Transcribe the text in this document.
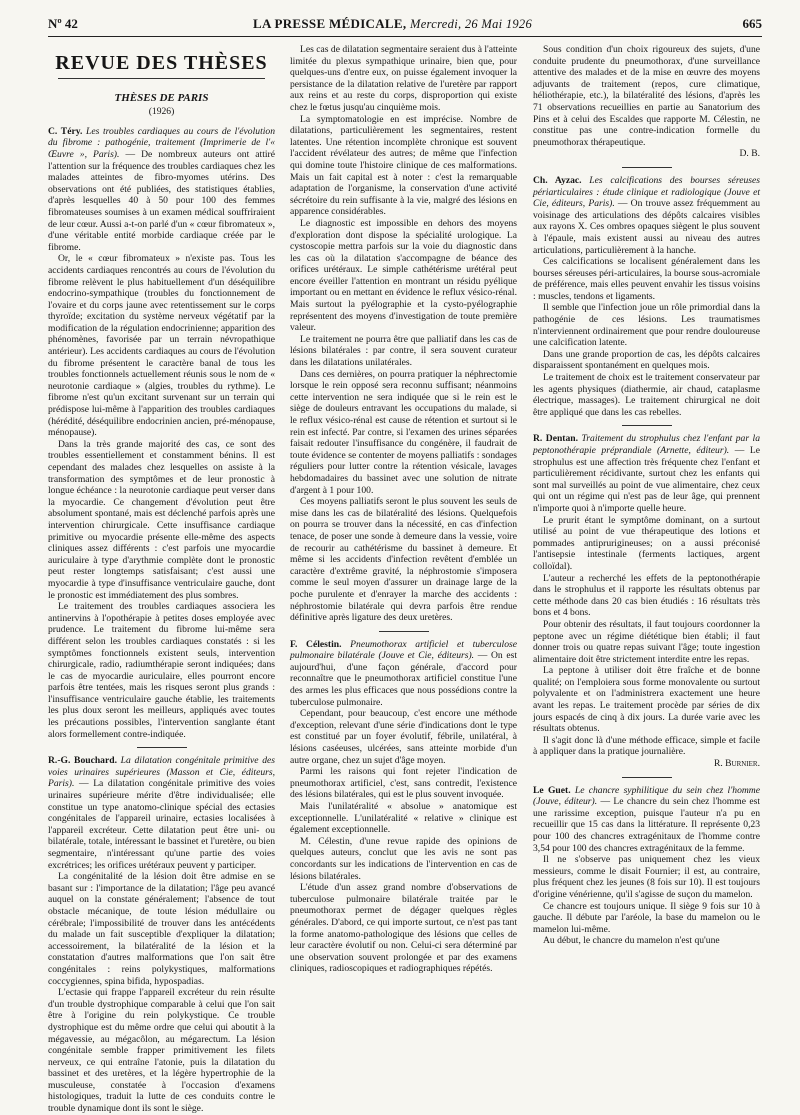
Nº 42	LA PRESSE MÉDICALE, Mercredi, 26 Mai 1926	665
REVUE DES THÈSES
THÈSES DE PARIS
(1926)

C. Téry. Les troubles cardiaques au cours de l'évolution du fibrome : pathogénie, traitement (Imprimerie de l'« Œuvre », Paris). — De nombreux auteurs ont attiré l'attention sur la fréquence des troubles cardiaques chez les malades atteintes de fibro-myomes utérins. Des observations ont été publiées, des statistiques établies, d'après lesquelles 40 à 50 pour 100 des femmes fibromateuses soumises à un examen médical souffriraient de leur cœur. Aussi a-t-on parlé d'un « cœur fibromateux », d'une véritable entité morbide cardiaque créée par le fibrome.

Or, le « cœur fibromateux » n'existe pas. Tous les accidents cardiaques rencontrés au cours de l'évolution du fibrome relèvent le plus habituellement d'un déséquilibre endocrino-sympathique (troubles du fonctionnement de l'ovaire et du corps jaune avec retentissement sur le corps thyroïde; excitation du système nerveux végétatif par la modification de la régulation endocrinienne; apparition des phénomènes, favorisée par un terrain névropathique antérieur). Les accidents cardiaques au cours de l'évolution du fibrome présentent le caractère banal de tous les troubles fonctionnels actuellement réunis sous le nom de « neurotonie cardiaque » (algies, troubles du rythme). Le fibrome n'est qu'un excitant survenant sur un terrain qui prédispose lui-même à l'apparition des troubles cardiaques (hérédité, déséquilibre endocrinien ancien, pré-ménopause, ménopause).

Dans la très grande majorité des cas, ce sont des troubles essentiellement et constamment bénins. Il est cependant des malades chez lesquelles on assiste à la transformation des symptômes et de leur pronostic à longue échéance : la neurotonie cardiaque peut verser dans la myocardie. Ce changement d'évolution peut être absolument spontané, mais est déclenché parfois après une intervention chirurgicale. Cette insuffisance cardiaque primitive ou myocardie présente elle-même des aspects cliniques assez différents : c'est parfois une myocardie auriculaire à type d'arythmie complète dont le pronostic peut rester longtemps satisfaisant; c'est aussi une myocardie à type d'insuffisance ventriculaire gauche, dont le pronostic est immédiatement des plus sombres.

Le traitement des troubles cardiaques associera les antinervins à l'opothérapie à petites doses employée avec prudence. Le traitement du fibrome lui-même sera différent selon les troubles cardiaques constatés : si les symptômes fonctionnels existent seuls, intervention chirurgicale, radio, radiumthérapie seront indiquées; dans le cas de myocardie auriculaire, elles pourront encore parfois être tentées, mais les risques seront plus grands : l'insuffisance ventriculaire gauche établie, les traitements les plus doux seront les meilleurs, appliqués avec toutes les précautions possibles, l'intervention sanglante étant alors formellement contre-indiquée.

R.-G. Bouchard. La dilatation congénitale primitive des voies urinaires supérieures (Masson et Cie, éditeurs, Paris). — La dilatation congénitale primitive des voies urinaires supérieure mérite d'être individualisée; elle constitue un type anatomo-clinique spécial des ectasies congénitales de l'appareil urinaire, ectasies localisées à l'appareil excréteur. Cette dilatation peut être uni- ou bilatérale, totale, intéressant le bassinet et l'uretère, ou bien segmentaire, n'intéressant qu'une partie des voies excrétrices; les orifices urétéraux peuvent y participer.

La congénitalité de la lésion doit être admise en se basant sur : l'importance de la dilatation; l'âge peu avancé auquel on la constate généralement; l'absence de tout obstacle mécanique, de toute lésion médullaire ou cérébrale; l'impossibilité de trouver dans les antécédents du malade un fait susceptible d'expliquer la dilatation; accessoirement, la bilatéralité de la lésion et la constatation d'autres malformations que l'on sait être congénitales : reins polykystiques, malformations coccygiennes, spina bifida, hypospadias.

L'ectasie qui frappe l'appareil excréteur du rein résulte d'un trouble dystrophique comparable à celui que l'on sait être à l'origine du rein polykystique. Ce trouble dystrophique est du même ordre que celui qui aboutit à la mégavessie, au mégacôlon, au mégarectum. La lésion congénitale semble frapper primitivement les filets nerveux, ce qui entraîne l'atonie, puis la dilatation du bassinet et des uretères, et la légère hypertrophie de la musculeuse, constatée à l'occasion d'examens histologiques, traduit la lutte de ces conduits contre le trouble dynamique dont ils sont le siège.

Les cas de dilatation segmentaire seraient dus à l'atteinte limitée du plexus sympathique urinaire, bien que, pour quelques-uns d'entre eux, on puisse également invoquer la persistance de la dilatation relative de l'uretère par rapport aux reins et au reste du corps, disproportion qui existe chez le fœtus jusqu'au cinquième mois.

La symptomatologie en est imprécise. Nombre de dilatations, particulièrement les segmentaires, restent latentes. Une rétention incomplète chronique est souvent l'accident révélateur des autres; de même que l'infection qui domine toute l'histoire clinique de ces malformations. Mais un fait capital est à noter : c'est la remarquable adaptation de l'organisme, la conservation d'une activité sécrétoire du rein suffisante à la vie, malgré des lésions en apparence considérables.

Le diagnostic est impossible en dehors des moyens d'exploration dont dispose la spécialité urologique. La cystoscopie mettra parfois sur la voie du diagnostic dans les cas où la dilatation s'accompagne de béance des orifices urétéraux. Le simple cathétérisme urétéral peut encore éveiller l'attention en montrant un résidu pyélique important ou en mettant en évidence le reflux vésico-rénal. Mais surtout la pyélographie et la cysto-pyélographie représentent des moyens d'investigation de toute première valeur.

Le traitement ne pourra être que palliatif dans les cas de lésions bilatérales : par contre, il sera souvent curateur dans les dilatations unilatérales.

Dans ces dernières, on pourra pratiquer la néphrectomie lorsque le rein opposé sera reconnu suffisant; néanmoins cette intervention ne sera indiquée que si le rein est le siège de douleurs entravant les occupations du malade, si le reflux vésico-rénal est cause de rétention et surtout si le rein est infecté. Par contre, si l'examen des urines séparées faisait redouter l'insuffisance du congénère, il faudrait de toute évidence se contenter de moyens palliatifs : sondages réguliers pour lutter contre la rétention vésicale, lavages hebdomadaires du bassinet avec une solution de nitrate d'argent à 1 pour 100.

Ces moyens palliatifs seront le plus souvent les seuls de mise dans les cas de bilatéralité des lésions. Quelquefois on pourra se trouver dans la nécessité, en cas d'infection tenace, de poser une sonde à demeure dans la vessie, voire de recourir au cathétérisme du bassinet à demeure. Et même si les accidents d'infection revêtent d'emblée un caractère d'extrême gravité, la néphrostomie s'imposera comme le seul moyen d'assurer un drainage large de la poche purulente et d'enrayer la marche des accidents : néphrostomie bilatérale qui devra parfois être rendue définitive après ligature des deux uretères.

F. Célestin. Pneumothorax artificiel et tuberculose pulmonaire bilatérale (Jouve et Cie, éditeurs). — On est aujourd'hui, d'une façon générale, d'accord pour reconnaître que le pneumothorax artificiel constitue l'une des armes les plus efficaces que nous possédions contre la tuberculose pulmonaire.

Cependant, pour beaucoup, c'est encore une méthode d'exception, relevant d'une série d'indications dont le type est constitué par un foyer évolutif, fébrile, unilatéral, à lésions caséeuses, ulcérées, sans atteinte morbide d'un autre organe, chez un sujet d'âge moyen.

Parmi les raisons qui font rejeter l'indication de pneumothorax artificiel, c'est, sans contredit, l'existence des lésions bilatérales, qui est le plus souvent invoquée.

Mais l'unilatéralité « absolue » anatomique est exceptionnelle. L'unilatéralité « relative » clinique est également exceptionnelle.

M. Célestin, d'une revue rapide des opinions de quelques auteurs, conclut que les avis ne sont pas concordants sur les indications de l'intervention en cas de lésions bilatérales.

L'étude d'un assez grand nombre d'observations de tuberculose pulmonaire bilatérale traitée par le pneumothorax permet de dégager quelques règles générales. D'abord, ce qui importe surtout, ce n'est pas tant la forme anatomo-pathologique des lésions que celles de leur caractère évolutif ou non. Celui-ci sera déterminé par une observation souvent prolongée et par des examens cliniques, radioscopiques et radiographiques répétés.

Sous condition d'un choix rigoureux des sujets, d'une conduite prudente du pneumothorax, d'une surveillance attentive des malades et de la mise en œuvre des moyens adjuvants de traitement (repos, cure climatique, héliothérapie, etc.), la bilatéralité des lésions, d'après les 71 observations recueillies en partie au Sanatorium des Pins et à celui des Escaldes que rapporte M. Célestin, ne constitue pas une contre-indication formelle du pneumothorax thérapeutique.

D. B.

Ch. Ayzac. Les calcifications des bourses séreuses périarticulaires : étude clinique et radiologique (Jouve et Cie, éditeurs, Paris). — On trouve assez fréquemment au voisinage des articulations des dépôts calcaires visibles aux rayons X. Ces ombres opaques siègent le plus souvent à l'épaule, mais existent aussi au niveau des autres articulations, particulièrement à la hanche.

Ces calcifications se localisent généralement dans les bourses séreuses péri-articulaires, la bourse sous-acromiale de préférence, mais elles peuvent envahir les tissus voisins : muscles, tendons et ligaments.

Il semble que l'infection joue un rôle primordial dans la pathogénie de ces lésions. Les traumatismes n'interviennent ordinairement que pour rendre douloureuse une calcification latente.

Dans une grande proportion de cas, les dépôts calcaires disparaissent spontanément en quelques mois.

Le traitement de choix est le traitement conservateur par les agents physiques (diathermie, air chaud, cataplasme électrique, massages). Le traitement chirurgical ne doit être appliqué que dans les cas rebelles.

R. Dentan. Traitement du strophulus chez l'enfant par la peptonothérapie préprandiale (Arnette, éditeur). — Le strophulus est une affection très fréquente chez l'enfant et particulièrement récidivante, surtout chez les enfants qui sont mal surveillés au point de vue alimentaire, chez ceux qui ont un régime qui n'est pas de leur âge, qui prennent n'importe quoi à n'importe quelle heure.

Le prurit étant le symptôme dominant, on a surtout utilisé au point de vue thérapeutique des lotions et pommades antiprurigineuses; on a aussi préconisé l'antisepsie intestinale (ferments lactiques, argent colloïdal).

L'auteur a recherché les effets de la peptonothérapie dans le strophulus et il rapporte les résultats obtenus par cette méthode dans 20 cas bien étudiés : 16 résultats très bons et 4 bons.

Pour obtenir des résultats, il faut toujours coordonner la peptone avec un régime diététique bien établi; il faut donner trois ou quatre repas suivant l'âge; toute ingestion alimentaire doit être strictement interdite entre les repas.

La peptone à utiliser doit être fraîche et de bonne qualité; on l'emploiera sous forme monovalente ou surtout polyvalente et on l'administrera exactement une heure avant les repas. Le traitement procède par séries de dix jours espacés de cinq à dix jours. La durée varie avec les résultats obtenus.

Il s'agit donc là d'une méthode efficace, simple et facile à appliquer dans la pratique journalière.

R. Burnier.

Le Guet. Le chancre syphilitique du sein chez l'homme (Jouve, éditeur). — Le chancre du sein chez l'homme est une rarissime exception, puisque l'auteur n'a pu en recueillir que 15 cas dans la littérature. Il représente 0,23 pour 100 des chancres extragénitaux de l'homme contre 3,54 pour 100 des chancres extragénitaux de la femme.

Il ne s'observe pas uniquement chez les vieux messieurs, comme le disait Fournier; il est, au contraire, plus fréquent chez les jeunes (8 fois sur 10). Il est toujours d'origine vénérienne, qu'il s'agisse de suçon du mamelon.

Ce chancre est toujours unique. Il siège 9 fois sur 10 à gauche. Il débute par l'aréole, la base du mamelon ou le mamelon lui-même.

Au début, le chancre du mamelon n'est qu'une
